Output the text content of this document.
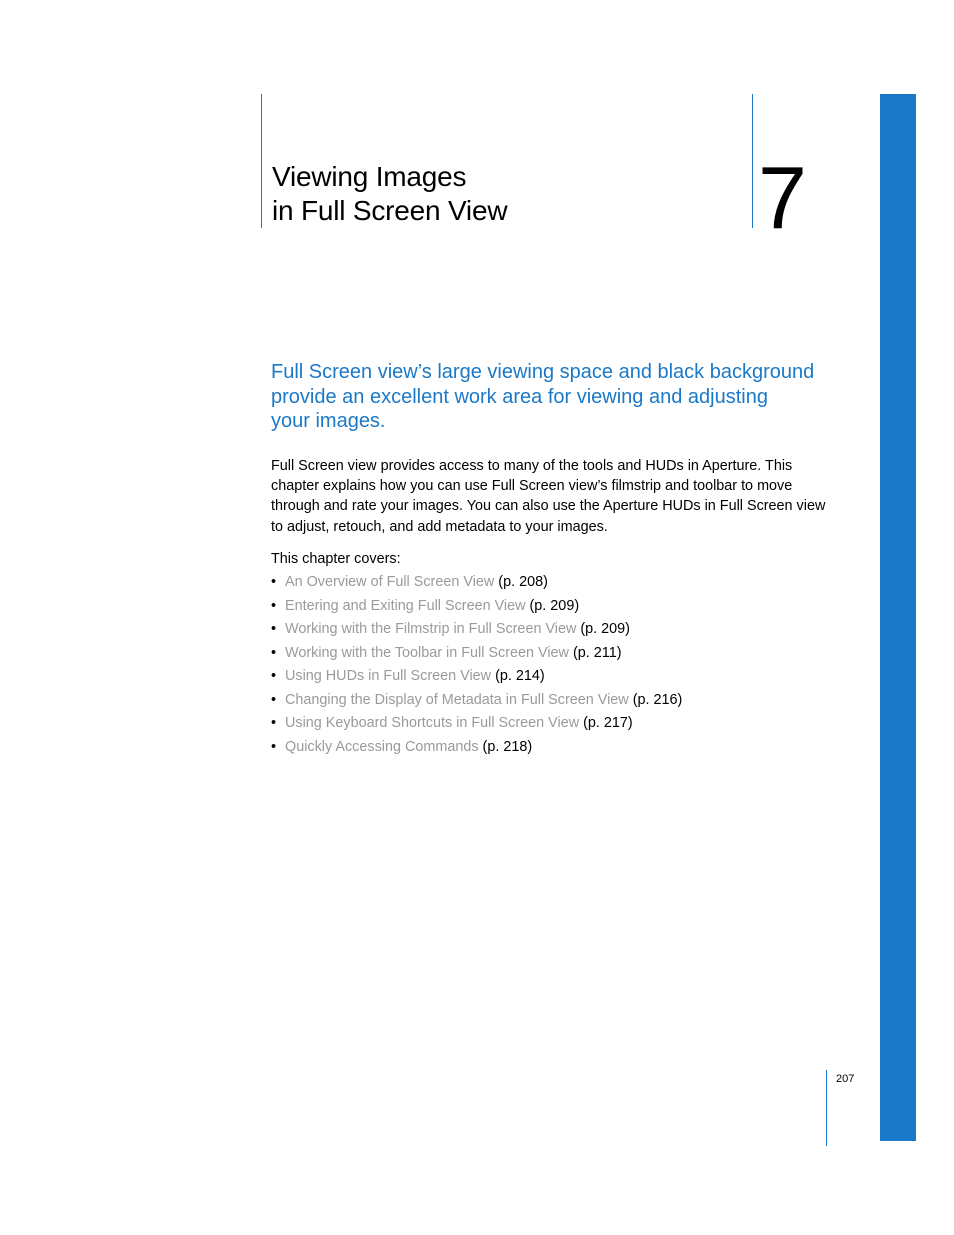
Viewing Images
in Full Screen View	7
Full Screen view’s large viewing space and black background
provide an excellent work area for viewing and adjusting
your images.
Full Screen view provides access to many of the tools and HUDs in Aperture. This
chapter explains how you can use Full Screen view’s filmstrip and toolbar to move
through and rate your images. You can also use the Aperture HUDs in Full Screen view
to adjust, retouch, and add metadata to your images.
This chapter covers:
• An Overview of Full Screen View (p. 208)
• Entering and Exiting Full Screen View (p. 209)
• Working with the Filmstrip in Full Screen View (p. 209)
• Working with the Toolbar in Full Screen View (p. 211)
• Using HUDs in Full Screen View (p. 214)
• Changing the Display of Metadata in Full Screen View (p. 216)
• Using Keyboard Shortcuts in Full Screen View (p. 217)
• Quickly Accessing Commands (p. 218)
207
